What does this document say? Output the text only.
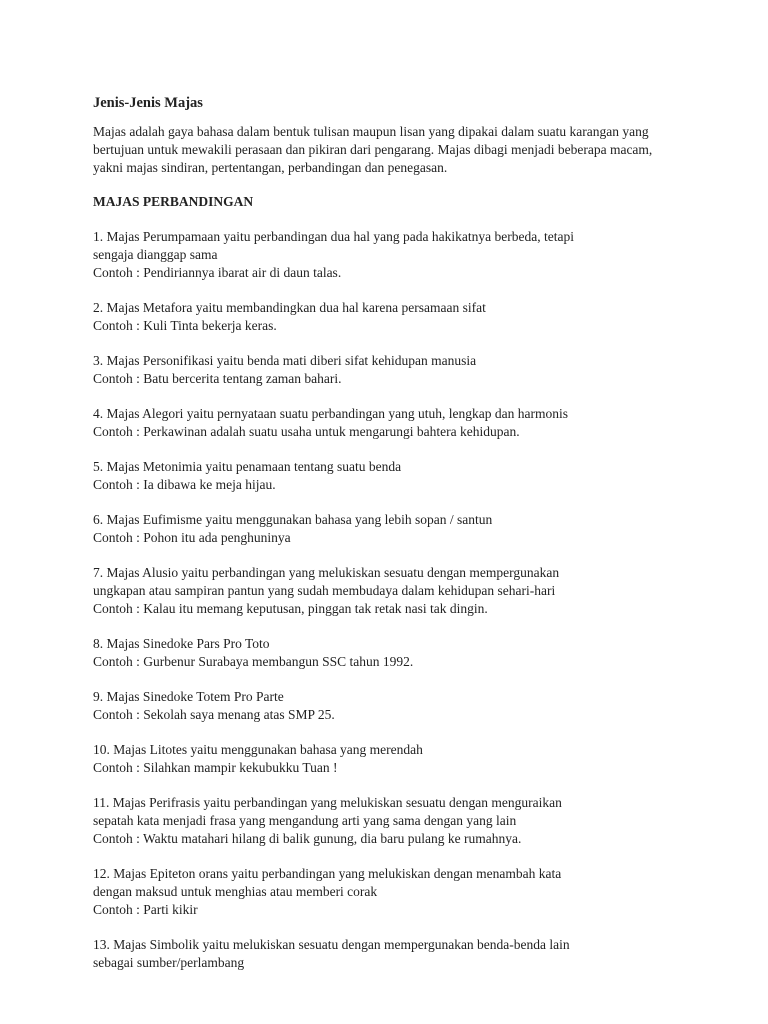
Jenis-Jenis Majas

Majas adalah gaya bahasa dalam bentuk tulisan maupun lisan yang dipakai dalam suatu karangan yang bertujuan untuk mewakili perasaan dan pikiran dari pengarang. Majas dibagi menjadi beberapa macam, yakni majas sindiran, pertentangan, perbandingan dan penegasan.

MAJAS PERBANDINGAN
1. Majas Perumpamaan yaitu perbandingan dua hal yang pada hakikatnya berbeda, tetapi
sengaja dianggap sama
Contoh : Pendiriannya ibarat air di daun talas.
2. Majas Metafora yaitu membandingkan dua hal karena persamaan sifat
Contoh : Kuli Tinta bekerja keras.
3. Majas Personifikasi yaitu benda mati diberi sifat kehidupan manusia
Contoh : Batu bercerita tentang zaman bahari.
4. Majas Alegori yaitu pernyataan suatu perbandingan yang utuh, lengkap dan harmonis
Contoh : Perkawinan adalah suatu usaha untuk mengarungi bahtera kehidupan.
5. Majas Metonimia yaitu penamaan tentang suatu benda
Contoh : Ia dibawa ke meja hijau.
6. Majas Eufimisme yaitu menggunakan bahasa yang lebih sopan / santun
Contoh : Pohon itu ada penghuninya
7. Majas Alusio yaitu perbandingan yang melukiskan sesuatu dengan mempergunakan
ungkapan atau sampiran pantun yang sudah membudaya dalam kehidupan sehari-hari
Contoh : Kalau itu memang keputusan, pinggan tak retak nasi tak dingin.
8. Majas Sinedoke Pars Pro Toto
Contoh : Gurbenur Surabaya membangun SSC tahun 1992.
9. Majas Sinedoke Totem Pro Parte
Contoh : Sekolah saya menang atas SMP 25.
10. Majas Litotes yaitu menggunakan bahasa yang merendah
Contoh : Silahkan mampir kekubukku Tuan !
11. Majas Perifrasis yaitu perbandingan yang melukiskan sesuatu dengan menguraikan
sepatah kata menjadi frasa yang mengandung arti yang sama dengan yang lain
Contoh : Waktu matahari hilang di balik gunung, dia baru pulang ke rumahnya.
12. Majas Epiteton orans yaitu perbandingan yang melukiskan dengan menambah kata
dengan maksud untuk menghias atau memberi corak
Contoh : Parti kikir
13. Majas Simbolik yaitu melukiskan sesuatu dengan mempergunakan benda-benda lain
sebagai sumber/perlambang
